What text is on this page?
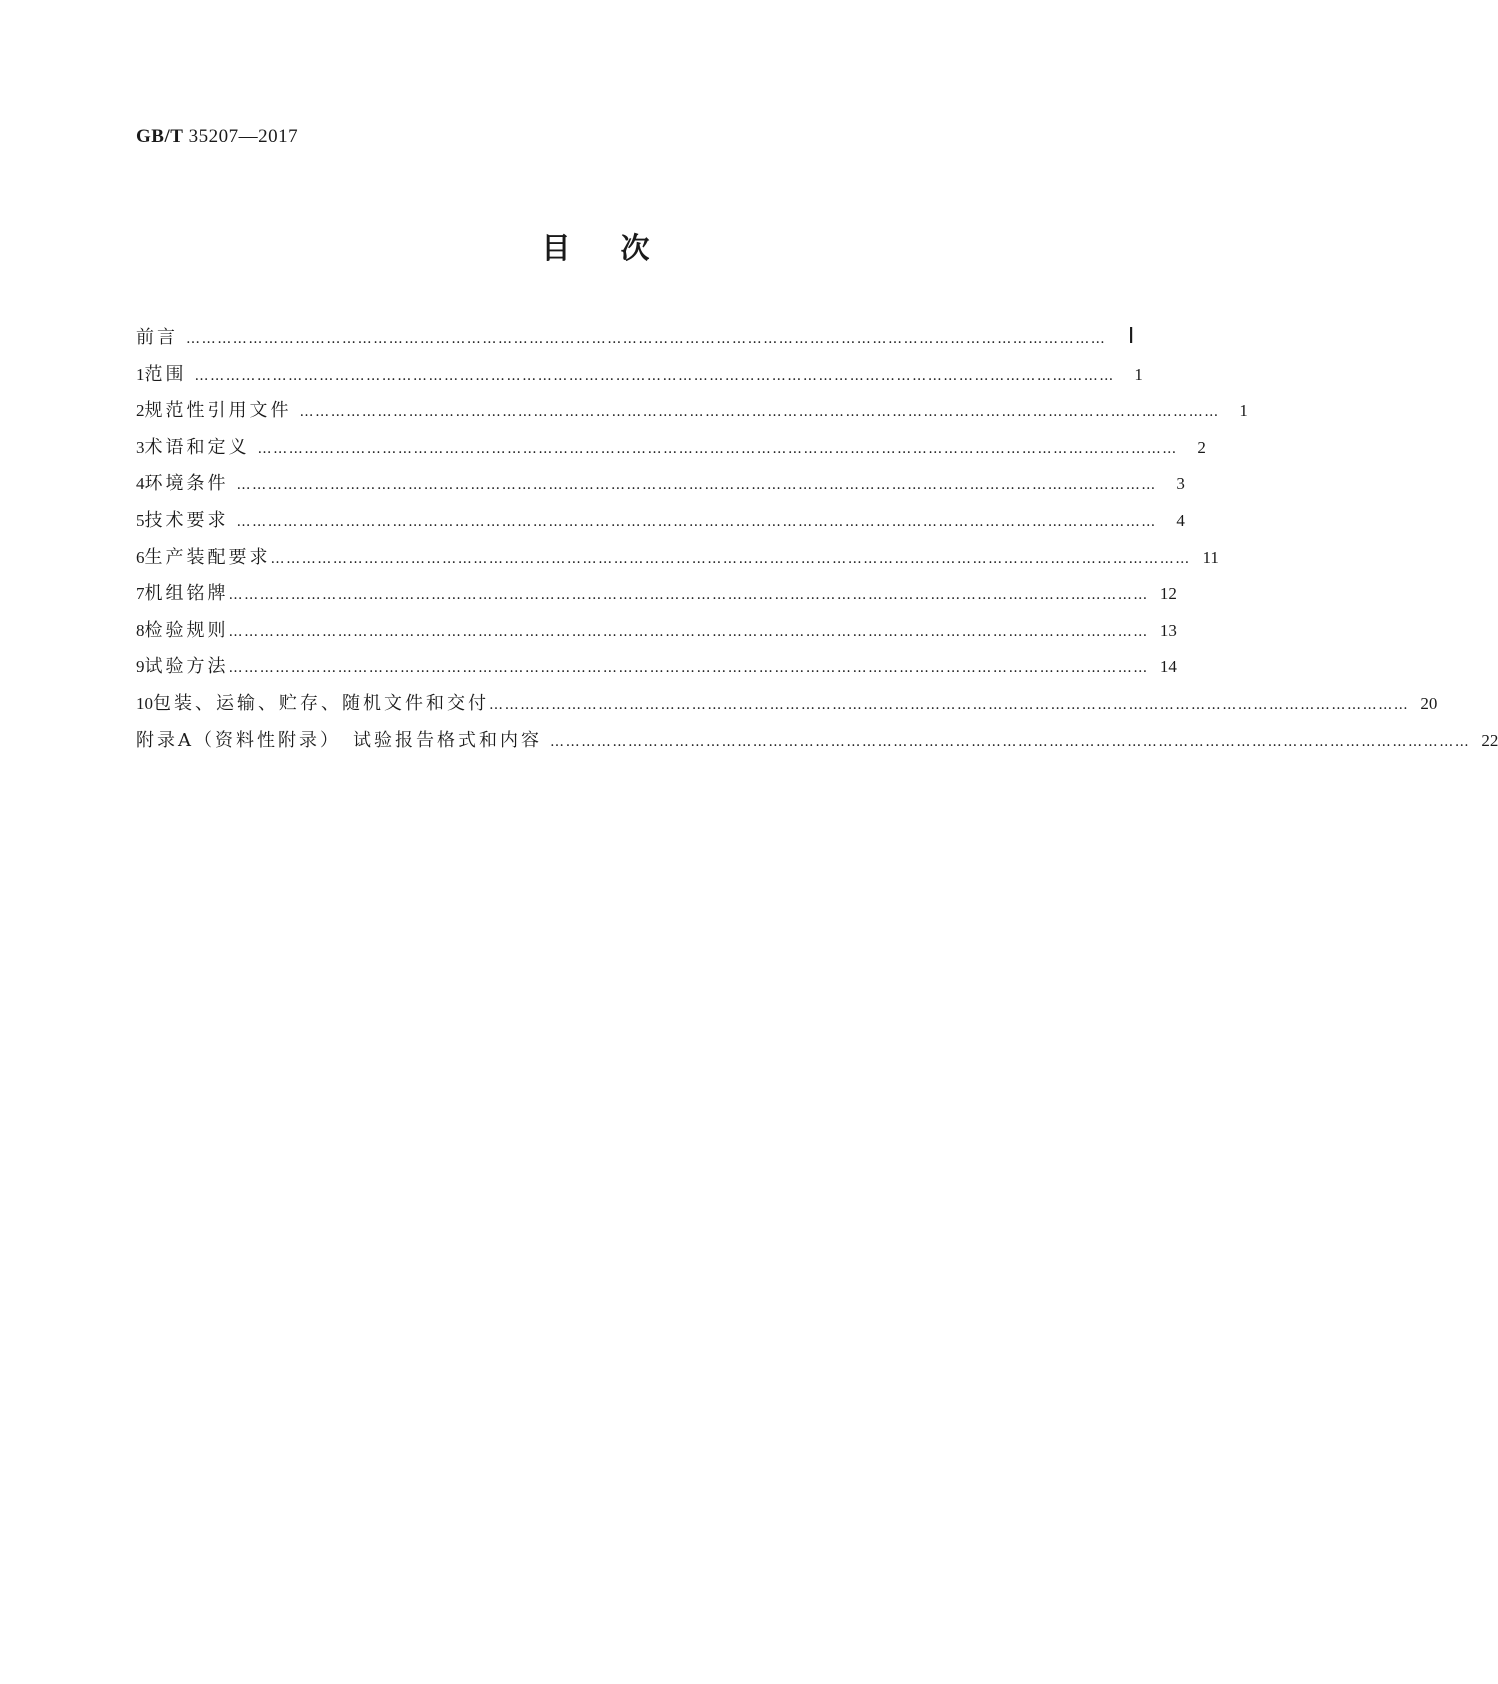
GB/T 35207—2017
目次
前言 …………………………………………………………………………………………………………………………………………………………… Ⅰ
1 范围 ……………………………………………………………………………………………………………………………………………………………	1
2 规范性引用文件 ……………………………………………………………………………………………………………………………………………………………	1
3 术语和定义 ……………………………………………………………………………………………………………………………………………………………	2
4 环境条件 ……………………………………………………………………………………………………………………………………………………………	3
5 技术要求 ……………………………………………………………………………………………………………………………………………………………	4
6 生产装配要求 …………………………………………………………………………………………………………………………………………………………… 11
7 机组铭牌 …………………………………………………………………………………………………………………………………………………………… 12
8 检验规则 …………………………………………………………………………………………………………………………………………………………… 13
9 试验方法 …………………………………………………………………………………………………………………………………………………………… 14
10 包装、运输、贮存、随机文件和交付 …………………………………………………………………………………………………………………………………………………………… 20
附录A（资料性附录）　试验报告格式和内容 …………………………………………………………………………………………………………………………………………………………… 22
